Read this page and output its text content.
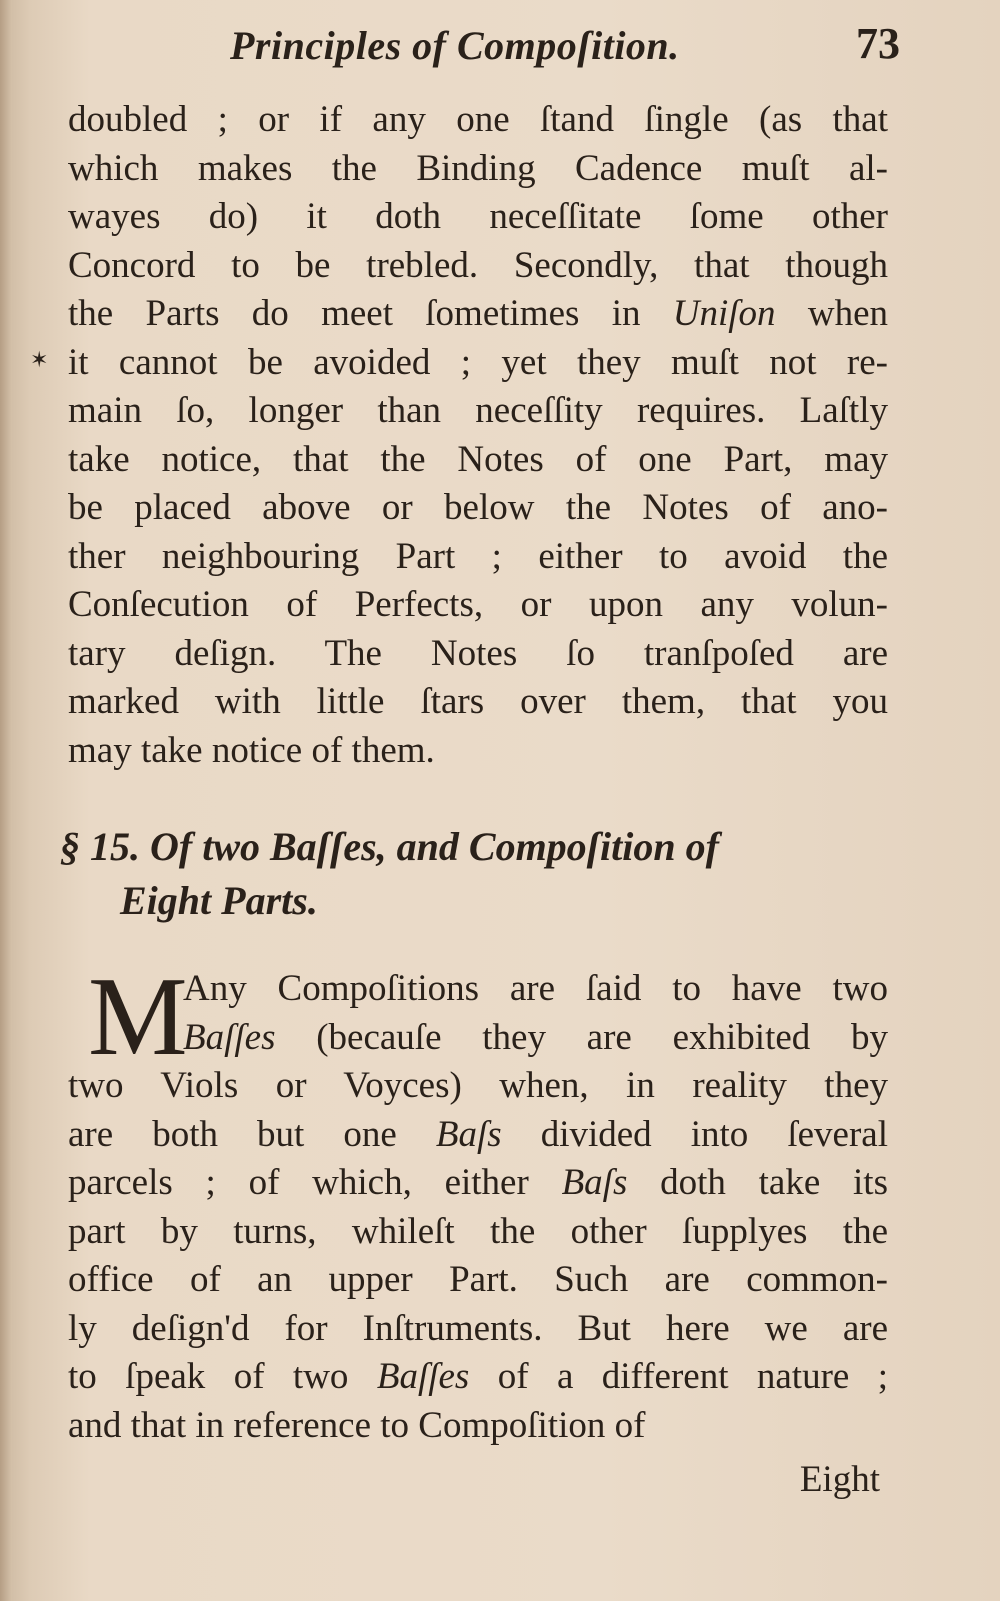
Principles of Compoſition.	73
✶
doubled ; or if any one ſtand ſingle (as that
which makes the Binding Cadence muſt al-
wayes do) it doth neceſſitate ſome other
Concord to be trebled. Secondly, that though
the Parts do meet ſometimes in Uniſon when
it cannot be avoided ; yet they muſt not re-
main ſo, longer than neceſſity requires. Laſtly
take notice, that the Notes of one Part, may
be placed above or below the Notes of ano-
ther neighbouring Part ; either to avoid the
Conſecution of Perfects, or upon any volun-
tary deſign. The Notes ſo tranſpoſed are
marked with little ſtars over them, that you
may take notice of them.
§ 15. Of two Baſſes, and Compoſition of
Eight Parts.
M
Any Compoſitions are ſaid to have two
Baſſes (becauſe they are exhibited by
two Viols or Voyces) when, in reality they
are both but one Baſs divided into ſeveral
parcels ; of which, either Baſs doth take its
part by turns, whileſt the other ſupplyes the
office of an upper Part. Such are common-
ly deſign'd for Inſtruments. But here we are
to ſpeak of two Baſſes of a different nature ;
and that in reference to Compoſition of
Eight
